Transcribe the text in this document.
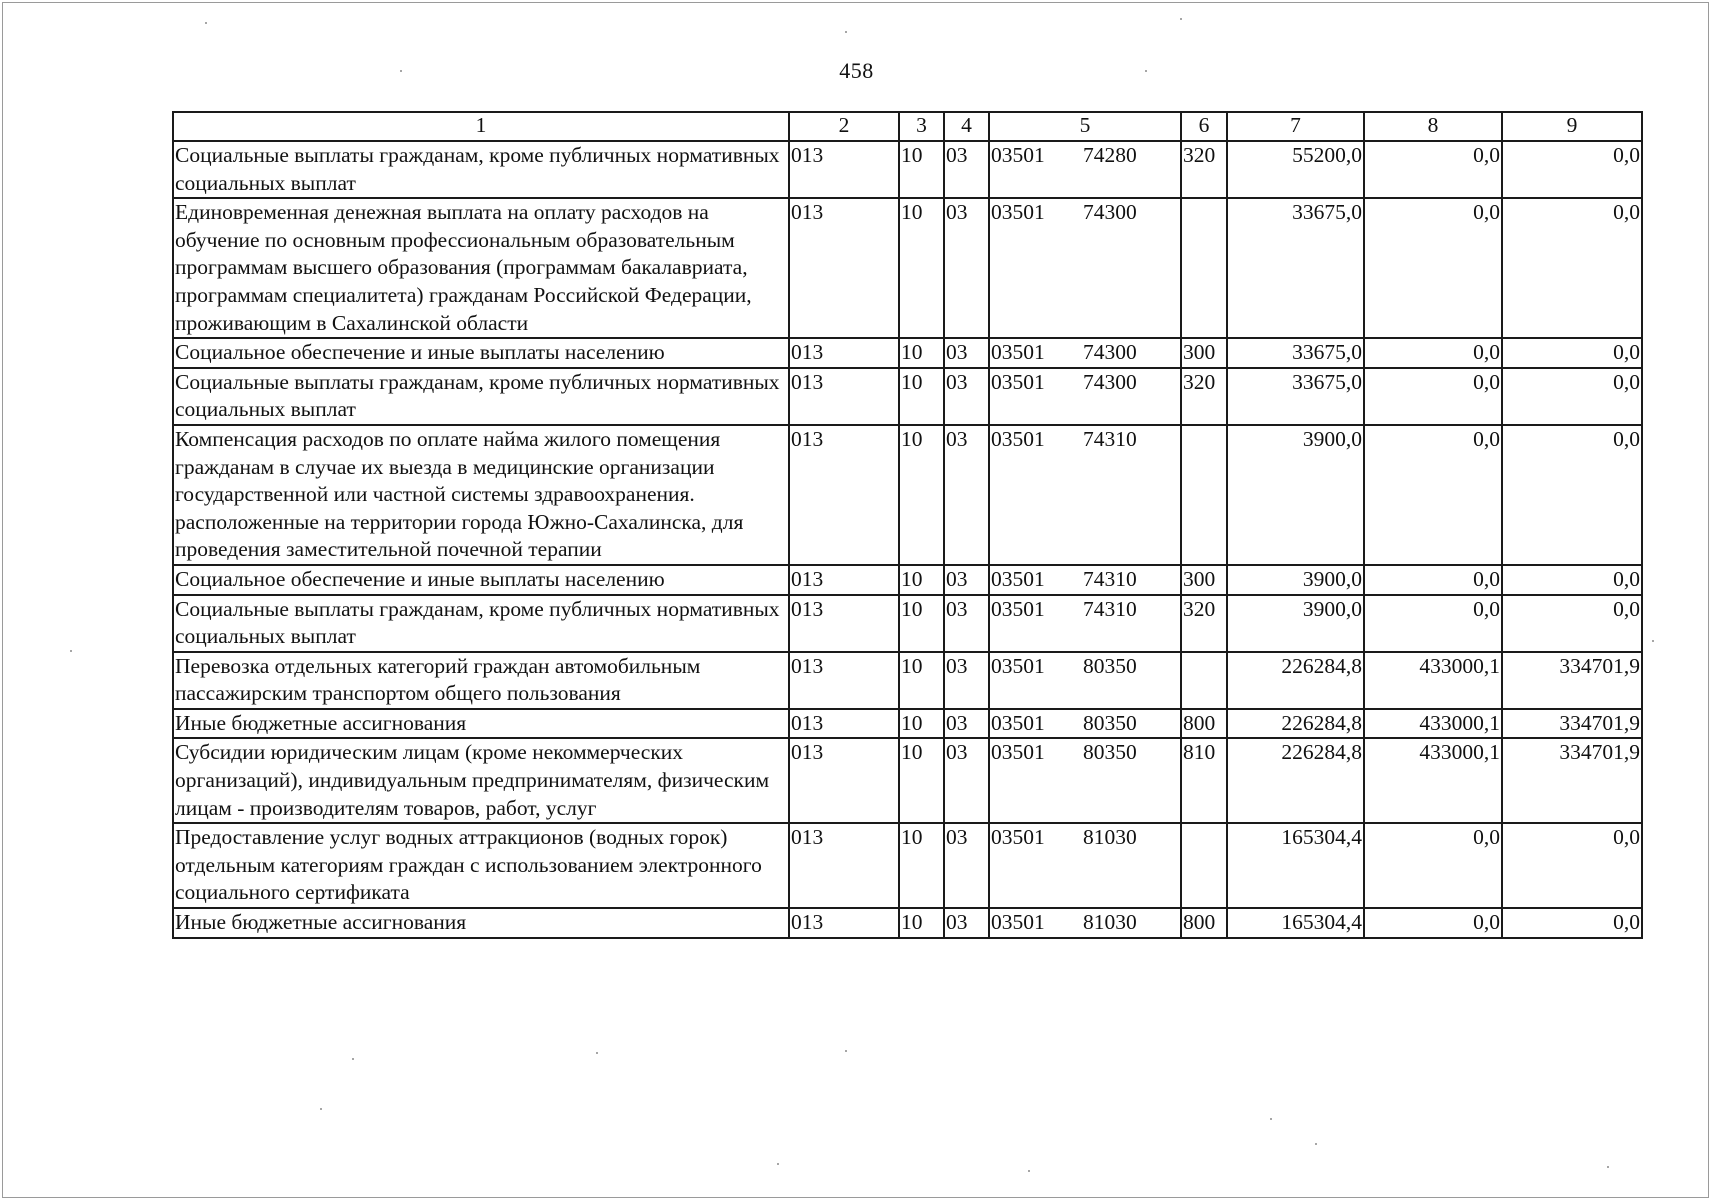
458
1	2	3	4	5	6	7	8	9
Социальные выплаты гражданам, кроме публичных нормативных социальных выплат	013	10	03	03501 74280	320	55200,0	0,0	0,0
Единовременная денежная выплата на оплату расходов на обучение по основным профессиональным образовательным программам высшего образования (программам бакалавриата, программам специалитета) гражданам Российской Федерации, проживающим в Сахалинской области	013	10	03	03501 74300		33675,0	0,0	0,0
Социальное обеспечение и иные выплаты населению	013	10	03	03501 74300	300	33675,0	0,0	0,0
Социальные выплаты гражданам, кроме публичных нормативных социальных выплат	013	10	03	03501 74300	320	33675,0	0,0	0,0
Компенсация расходов по оплате найма жилого помещения гражданам в случае их выезда в медицинские организации государственной или частной системы здравоохранения. расположенные на территории города Южно-Сахалинска, для проведения заместительной почечной терапии	013	10	03	03501 74310		3900,0	0,0	0,0
Социальное обеспечение и иные выплаты населению	013	10	03	03501 74310	300	3900,0	0,0	0,0
Социальные выплаты гражданам, кроме публичных нормативных социальных выплат	013	10	03	03501 74310	320	3900,0	0,0	0,0
Перевозка отдельных категорий граждан автомобильным пассажирским транспортом общего пользования	013	10	03	03501 80350		226284,8	433000,1	334701,9
Иные бюджетные ассигнования	013	10	03	03501 80350	800	226284,8	433000,1	334701,9
Субсидии юридическим лицам (кроме некоммерческих организаций), индивидуальным предпринимателям, физическим лицам - производителям товаров, работ, услуг	013	10	03	03501 80350	810	226284,8	433000,1	334701,9
Предоставление услуг водных аттракционов (водных горок) отдельным категориям граждан с использованием электронного социального сертификата	013	10	03	03501 81030		165304,4	0,0	0,0
Иные бюджетные ассигнования	013	10	03	03501 81030	800	165304,4	0,0	0,0
